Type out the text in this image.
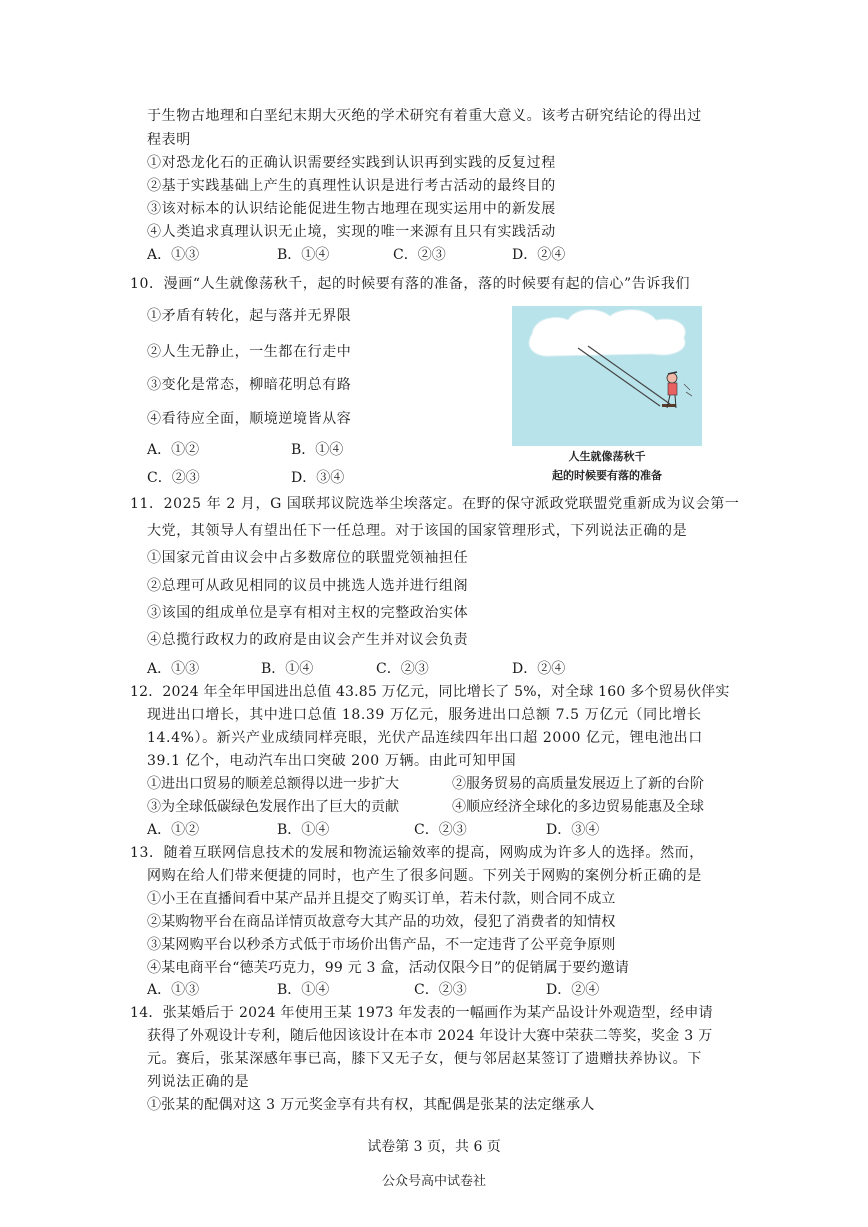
于生物古地理和白垩纪末期大灭绝的学术研究有着重大意义。该考古研究结论的得出过
程表明
①对恐龙化石的正确认识需要经实践到认识再到实践的反复过程
②基于实践基础上产生的真理性认识是进行考古活动的最终目的
③该对标本的认识结论能促进生物古地理在现实运用中的新发展
④人类追求真理认识无止境，实现的唯一来源有且只有实践活动
A．①③	B．①④	C．②③	D．②④
10．漫画“人生就像荡秋千，起的时候要有落的准备，落的时候要有起的信心”告诉我们
①矛盾有转化，起与落并无界限
②人生无静止，一生都在行走中
③变化是常态，柳暗花明总有路
④看待应全面，顺境逆境皆从容
A．①②	B．①④
C．②③	D．③④
人生就像荡秋千
起的时候要有落的准备
11．2025 年 2 月，G 国联邦议院选举尘埃落定。在野的保守派政党联盟党重新成为议会第一
大党，其领导人有望出任下一任总理。对于该国的国家管理形式，下列说法正确的是
①国家元首由议会中占多数席位的联盟党领袖担任
②总理可从政见相同的议员中挑选人选并进行组阁
③该国的组成单位是享有相对主权的完整政治实体
④总揽行政权力的政府是由议会产生并对议会负责
A．①③	B．①④	C．②③	D．②④
12．2024 年全年甲国进出总值 43.85 万亿元，同比增长了 5%，对全球 160 多个贸易伙伴实
现进出口增长，其中进口总值 18.39 万亿元，服务进出口总额 7.5 万亿元（同比增长
14.4%）。新兴产业成绩同样亮眼，光伏产品连续四年出口超 2000 亿元，锂电池出口
39.1 亿个，电动汽车出口突破 200 万辆。由此可知甲国
①进出口贸易的顺差总额得以进一步扩大	②服务贸易的高质量发展迈上了新的台阶
③为全球低碳绿色发展作出了巨大的贡献	④顺应经济全球化的多边贸易能惠及全球
A．①②	B．①④	C．②③	D．③④
13．随着互联网信息技术的发展和物流运输效率的提高，网购成为许多人的选择。然而，
网购在给人们带来便捷的同时，也产生了很多问题。下列关于网购的案例分析正确的是
①小王在直播间看中某产品并且提交了购买订单，若未付款，则合同不成立
②某购物平台在商品详情页故意夸大其产品的功效，侵犯了消费者的知情权
③某网购平台以秒杀方式低于市场价出售产品，不一定违背了公平竞争原则
④某电商平台“德芙巧克力，99 元 3 盒，活动仅限今日”的促销属于要约邀请
A．①③	B．①④	C．②③	D．②④
14．张某婚后于 2024 年使用王某 1973 年发表的一幅画作为某产品设计外观造型，经申请
获得了外观设计专利，随后他因该设计在本市 2024 年设计大赛中荣获二等奖，奖金 3 万
元。赛后，张某深感年事已高，膝下又无子女，便与邻居赵某签订了遗赠扶养协议。下
列说法正确的是
①张某的配偶对这 3 万元奖金享有共有权，其配偶是张某的法定继承人
试卷第 3 页，共 6 页
公众号高中试卷社
